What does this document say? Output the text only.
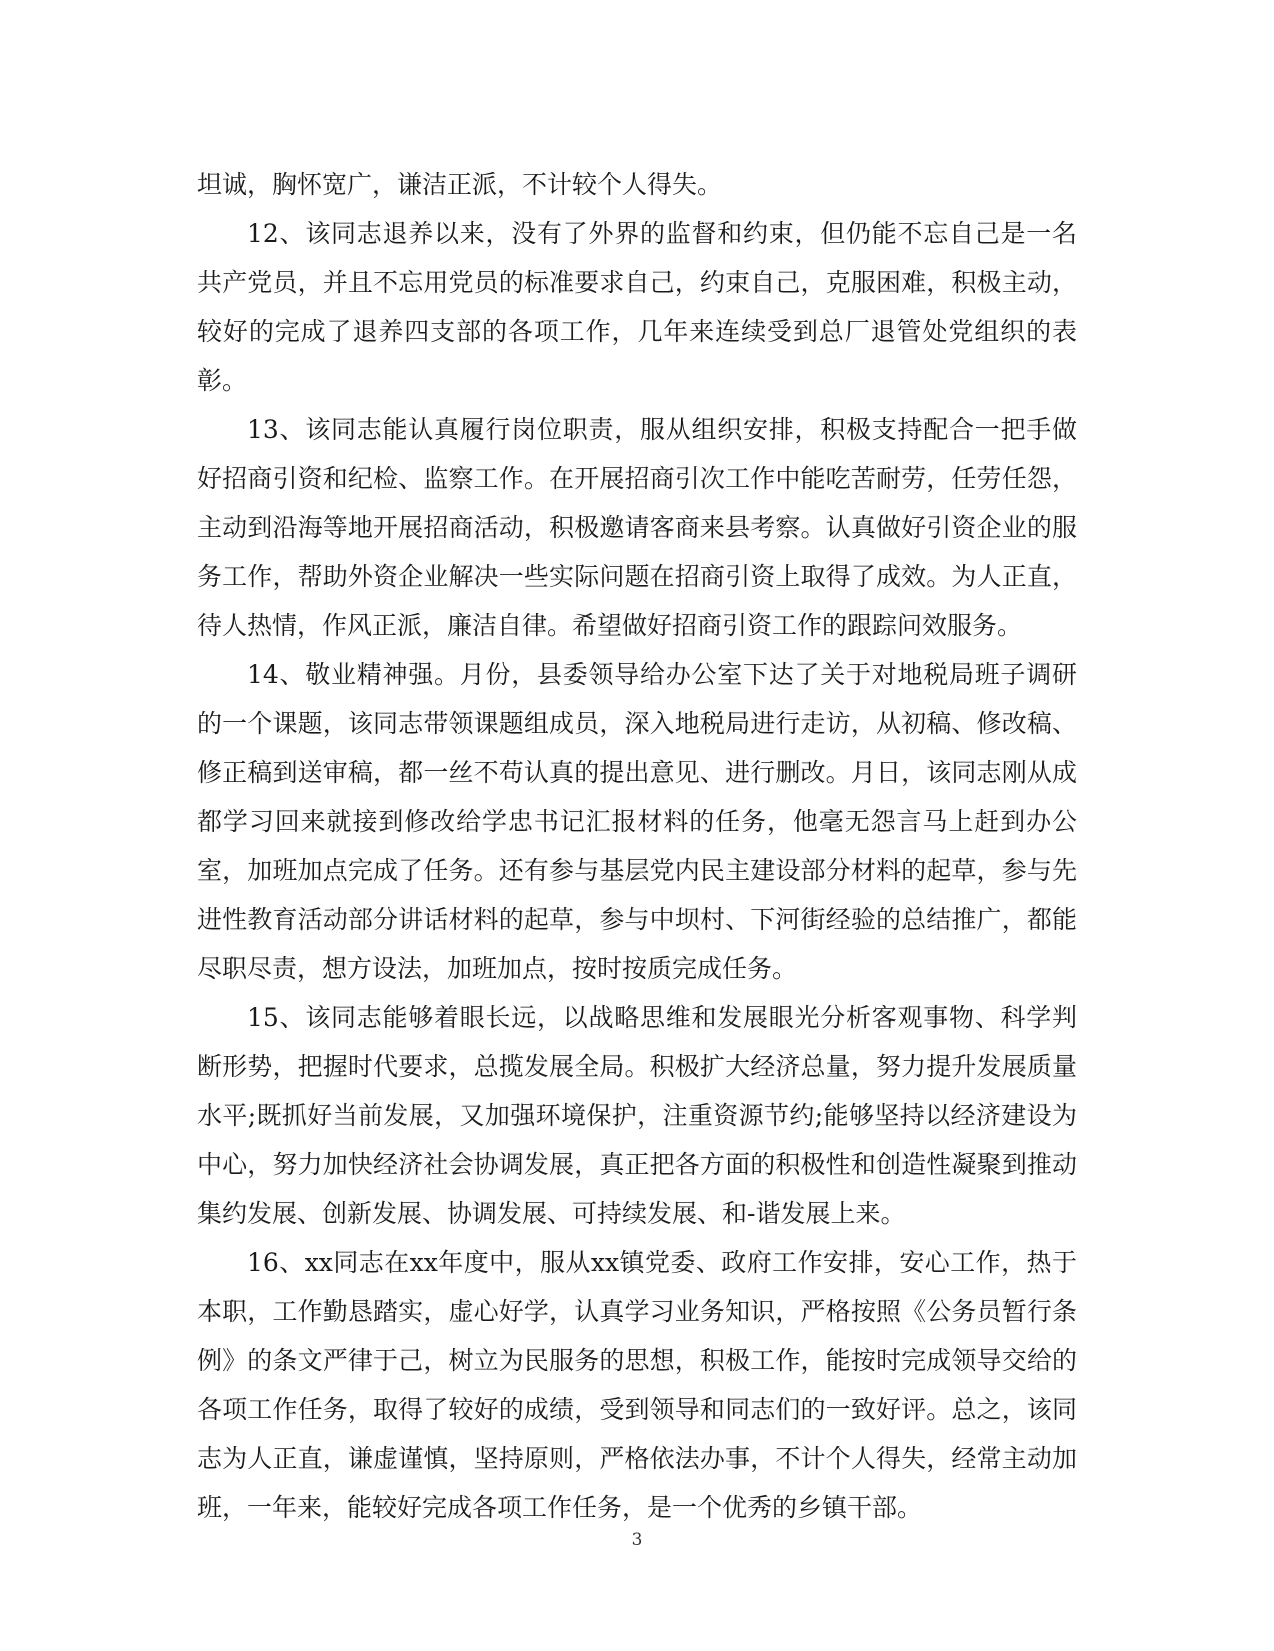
坦诚，胸怀宽广，谦洁正派，不计较个人得失。

12、该同志退养以来，没有了外界的监督和约束，但仍能不忘自己是一名共产党员，并且不忘用党员的标准要求自己，约束自己，克服困难，积极主动，较好的完成了退养四支部的各项工作，几年来连续受到总厂退管处党组织的表彰。

13、该同志能认真履行岗位职责，服从组织安排，积极支持配合一把手做好招商引资和纪检、监察工作。在开展招商引次工作中能吃苦耐劳，任劳任怨，主动到沿海等地开展招商活动，积极邀请客商来县考察。认真做好引资企业的服务工作，帮助外资企业解决一些实际问题在招商引资上取得了成效。为人正直，待人热情，作风正派，廉洁自律。希望做好招商引资工作的跟踪问效服务。

14、敬业精神强。月份，县委领导给办公室下达了关于对地税局班子调研的一个课题，该同志带领课题组成员，深入地税局进行走访，从初稿、修改稿、修正稿到送审稿，都一丝不苟认真的提出意见、进行删改。月日，该同志刚从成都学习回来就接到修改给学忠书记汇报材料的任务，他毫无怨言马上赶到办公室，加班加点完成了任务。还有参与基层党内民主建设部分材料的起草，参与先进性教育活动部分讲话材料的起草，参与中坝村、下河街经验的总结推广，都能尽职尽责，想方设法，加班加点，按时按质完成任务。

15、该同志能够着眼长远，以战略思维和发展眼光分析客观事物、科学判断形势，把握时代要求，总揽发展全局。积极扩大经济总量，努力提升发展质量水平;既抓好当前发展，又加强环境保护，注重资源节约;能够坚持以经济建设为中心，努力加快经济社会协调发展，真正把各方面的积极性和创造性凝聚到推动集约发展、创新发展、协调发展、可持续发展、和-谐发展上来。

16、xx同志在xx年度中，服从xx镇党委、政府工作安排，安心工作，热于本职，工作勤恳踏实，虚心好学，认真学习业务知识，严格按照《公务员暂行条例》的条文严律于己，树立为民服务的思想，积极工作，能按时完成领导交给的各项工作任务，取得了较好的成绩，受到领导和同志们的一致好评。总之，该同志为人正直，谦虚谨慎，坚持原则，严格依法办事，不计个人得失，经常主动加班，一年来，能较好完成各项工作任务，是一个优秀的乡镇干部。

3
